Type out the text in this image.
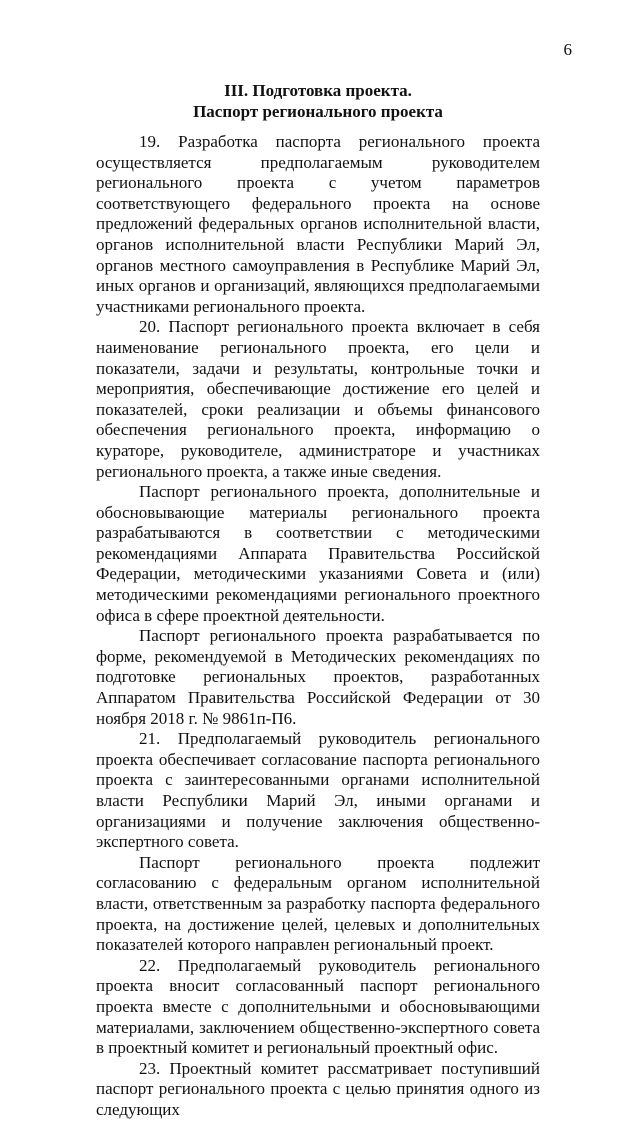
6
III. Подготовка проекта.
Паспорт регионального проекта

19. Разработка паспорта регионального проекта осуществляется предполагаемым руководителем регионального проекта с учетом параметров соответствующего федерального проекта на основе предложений федеральных органов исполнительной власти, органов исполнительной власти Республики Марий Эл, органов местного самоуправления в Республике Марий Эл, иных органов и организаций, являющихся предполагаемыми участниками регионального проекта.

20. Паспорт регионального проекта включает в себя наименование регионального проекта, его цели и показатели, задачи и результаты, контрольные точки и мероприятия, обеспечивающие достижение его целей и показателей, сроки реализации и объемы финансового обеспечения регионального проекта, информацию о кураторе, руководителе, администраторе и участниках регионального проекта, а также иные сведения.

Паспорт регионального проекта, дополнительные и обосновывающие материалы регионального проекта разрабатываются в соответствии с методическими рекомендациями Аппарата Правительства Российской Федерации, методическими указаниями Совета и (или) методическими рекомендациями регионального проектного офиса в сфере проектной деятельности.

Паспорт регионального проекта разрабатывается по форме, рекомендуемой в Методических рекомендациях по подготовке региональных проектов, разработанных Аппаратом Правительства Российской Федерации от 30 ноября 2018 г. № 9861п-П6.

21. Предполагаемый руководитель регионального проекта обеспечивает согласование паспорта регионального проекта с заинтересованными органами исполнительной власти Республики Марий Эл, иными органами и организациями и получение заключения общественно-экспертного совета.

Паспорт регионального проекта подлежит согласованию с федеральным органом исполнительной власти, ответственным за разработку паспорта федерального проекта, на достижение целей, целевых и дополнительных показателей которого направлен региональный проект.

22. Предполагаемый руководитель регионального проекта вносит согласованный паспорт регионального проекта вместе с дополнительными и обосновывающими материалами, заключением общественно-экспертного совета в проектный комитет и региональный проектный офис.

23. Проектный комитет рассматривает поступивший паспорт регионального проекта с целью принятия одного из следующих
